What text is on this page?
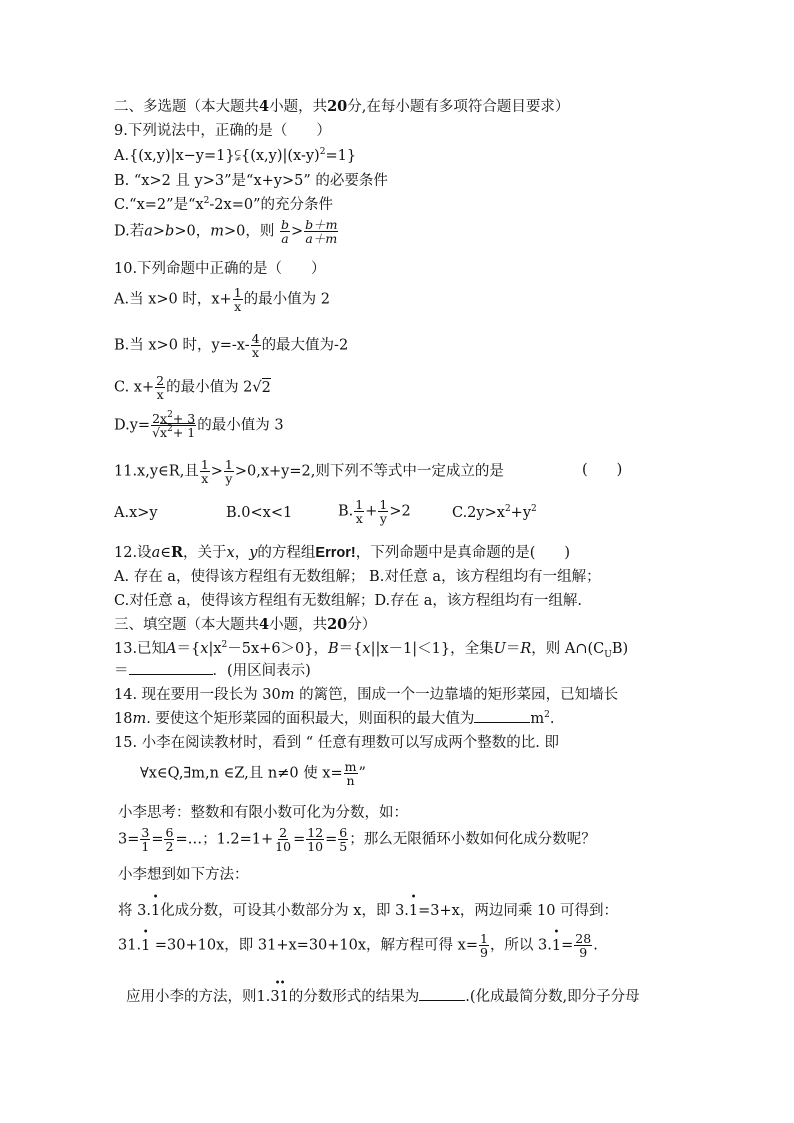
二、多选题（本大题共4小题，共20分,在每小题有多项符合题目要求）
9.下列说法中，正确的是（　　）
$A.\{(x,y)|x-y=1\}⫋\{(x,y)|(x-y)^2=1\}$
B. “x>2 且 y>3”是“x+y>5” 的必要条件
C.“x=2”是“$x^2-2x=0$”的充分条件
D.若a>b>0，m>0，则 $\frac{b}{a} > \frac{b+m}{a+m}$
10.下列命题中正确的是（　　）
A.当 x>0 时，$x+ \frac{1}{x}$ 的最小值为 2
B.当 x>0 时，$y=-x- \frac{4}{x}$ 的最大值为-2
C. $x+ \frac{2}{x}$ 的最小值为 2√2
$D.y= \frac{2x^2+ 3}{√x^2+ 1}$ 的最小值为 3
11.x,y∈R,且 $\frac{1}{x} > \frac{1}{y} >0,x+y=2$,则下列不等式中一定成立的是	(　　)
A.x>y	B.0<x<1	B. $\frac{1}{x} + \frac{1}{y} >2$	$C.2y>x^2+y^2$
12.设a∈R，关于x，y的方程组Error!，下列命题中是真命题的是(　　)
A. 存在 a，使得该方程组有无数组解； B.对任意 a，该方程组均有一组解；
C.对任意 a，使得该方程组有无数组解；D.存在 a，该方程组均有一组解.
三、填空题（本大题共4小题，共20分）
13.已知$A=\{x|x^2-5x+6>0\}$，B＝{x||x－1|＜1}，全集U＝R，则 $A\cap(C_UB)$
＝	．(用区间表示)
14. 现在要用一段长为 30m 的篱笆，围成一个一边靠墙的矩形菜园，已知墙长
18m. 要使这个矩形菜园的面积最大，则面积的最大值为	$m^2$.
15. 小李在阅读教材时，看到 “ 任意有理数可以写成两个整数的比. 即
∀x∈Q,∃m,n ∈Z,且 n≠0 使 $x= \frac{m}{n}$ ”
小李思考：整数和有限小数可化为分数，如：
$3= \frac{3}{1} = \frac{6}{2}$ =…；$1.2=1+ \frac{2}{10} = \frac{12}{10} = \frac{6}{5}$ ；那么无限循环小数如何化成分数呢？
小李想到如下方法：
将 3.• 1化成分数，可设其小数部分为 x，即 3.• 1=3+x，两边同乘 10 可得到：
31.• 1 =30+10x，即 31+x=30+10x，解方程可得 $x= \frac{1}{9}$ ，所以 3.• $1= \frac{28}{9}$ .
应用小李的方法，则1.•• 31的分数形式的结果为	.(化成最简分数,即分子分母
